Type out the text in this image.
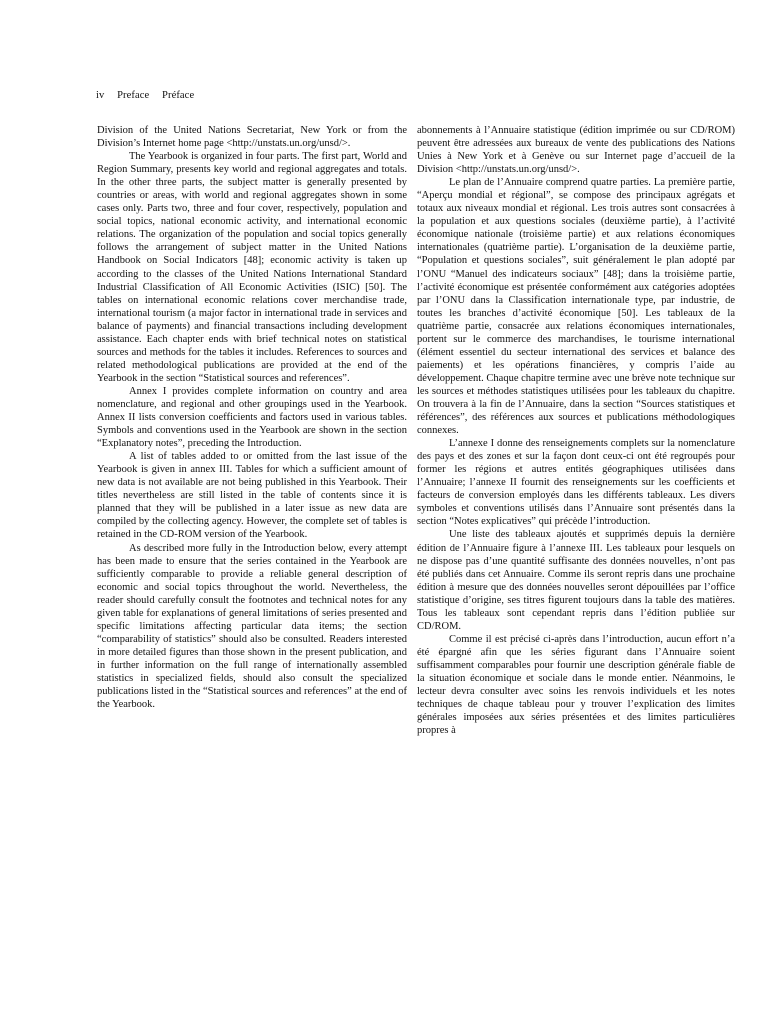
iv Preface Préface

Division of the United Nations Secretariat, New York or from the Division’s Internet home page <http://unstats.un.org/unsd/>.

The Yearbook is organized in four parts. The first part, World and Region Summary, presents key world and regional aggregates and totals. In the other three parts, the subject matter is generally presented by countries or areas, with world and regional aggregates shown in some cases only. Parts two, three and four cover, respectively, population and social topics, national economic activity, and international economic relations. The organization of the population and social topics generally follows the arrangement of subject matter in the United Nations Handbook on Social Indicators [48]; economic activity is taken up according to the classes of the United Nations International Standard Industrial Classification of All Economic Activities (ISIC) [50]. The tables on international economic relations cover merchandise trade, international tourism (a major factor in international trade in services and balance of payments) and financial transactions including development assistance. Each chapter ends with brief technical notes on statistical sources and methods for the tables it includes. References to sources and related methodological publications are provided at the end of the Yearbook in the section “Statistical sources and references”.

Annex I provides complete information on country and area nomenclature, and regional and other groupings used in the Yearbook. Annex II lists conversion coefficients and factors used in various tables. Symbols and conventions used in the Yearbook are shown in the section “Explanatory notes”, preceding the Introduction.

A list of tables added to or omitted from the last issue of the Yearbook is given in annex III. Tables for which a sufficient amount of new data is not available are not being published in this Yearbook. Their titles nevertheless are still listed in the table of contents since it is planned that they will be published in a later issue as new data are compiled by the collecting agency. However, the complete set of tables is retained in the CD-ROM version of the Yearbook.

As described more fully in the Introduction below, every attempt has been made to ensure that the series contained in the Yearbook are sufficiently comparable to provide a reliable general description of economic and social topics throughout the world. Nevertheless, the reader should carefully consult the footnotes and technical notes for any given table for explanations of general limitations of series presented and specific limitations affecting particular data items; the section “comparability of statistics” should also be consulted. Readers interested in more detailed figures than those shown in the present publication, and in further information on the full range of internationally assembled statistics in specialized fields, should also consult the specialized publications listed in the “Statistical sources and references” at the end of the Yearbook.

abonnements à l’Annuaire statistique (édition imprimée ou sur CD/ROM) peuvent être adressées aux bureaux de vente des publications des Nations Unies à New York et à Genève ou sur Internet page d’accueil de la Division <http://unstats.un.org/unsd/>.

Le plan de l’Annuaire comprend quatre parties. La première partie, “Aperçu mondial et régional”, se compose des principaux agrégats et totaux aux niveaux mondial et régional. Les trois autres sont consacrées à la population et aux questions sociales (deuxième partie), à l’activité économique nationale (troisième partie) et aux relations économiques internationales (quatrième partie). L’organisation de la deuxième partie, “Population et questions sociales”, suit généralement le plan adopté par l’ONU “Manuel des indicateurs sociaux” [48]; dans la troisième partie, l’activité économique est présentée conformément aux catégories adoptées par l’ONU dans la Classification internationale type, par industrie, de toutes les branches d’activité économique [50]. Les tableaux de la quatrième partie, consacrée aux relations économiques internationales, portent sur le commerce des marchandises, le tourisme international (élément essentiel du secteur international des services et balance des paiements) et les opérations financières, y compris l’aide au développement. Chaque chapitre termine avec une brève note technique sur les sources et méthodes statistiques utilisées pour les tableaux du chapitre. On trouvera à la fin de l’Annuaire, dans la section “Sources statistiques et références”, des références aux sources et publications méthodologiques connexes.

L’annexe I donne des renseignements complets sur la nomenclature des pays et des zones et sur la façon dont ceux-ci ont été regroupés pour former les régions et autres entités géographiques utilisées dans l’Annuaire; l’annexe II fournit des renseignements sur les coefficients et facteurs de conversion employés dans les différents tableaux. Les divers symboles et conventions utilisés dans l’Annuaire sont présentés dans la section “Notes explicatives” qui précède l’introduction.

Une liste des tableaux ajoutés et supprimés depuis la dernière édition de l’Annuaire figure à l’annexe III. Les tableaux pour lesquels on ne dispose pas d’une quantité suffisante des données nouvelles, n’ont pas été publiés dans cet Annuaire. Comme ils seront repris dans une prochaine édition à mesure que des données nouvelles seront dépouillées par l’office statistique d’origine, ses titres figurent toujours dans la table des matières. Tous les tableaux sont cependant repris dans l’édition publiée sur CD/ROM.

Comme il est précisé ci-après dans l’introduction, aucun effort n’a été épargné afin que les séries figurant dans l’Annuaire soient suffisamment comparables pour fournir une description générale fiable de la situation économique et sociale dans le monde entier. Néanmoins, le lecteur devra consulter avec soins les renvois individuels et les notes techniques de chaque tableau pour y trouver l’explication des limites générales imposées aux séries présentées et des limites particulières propres à
